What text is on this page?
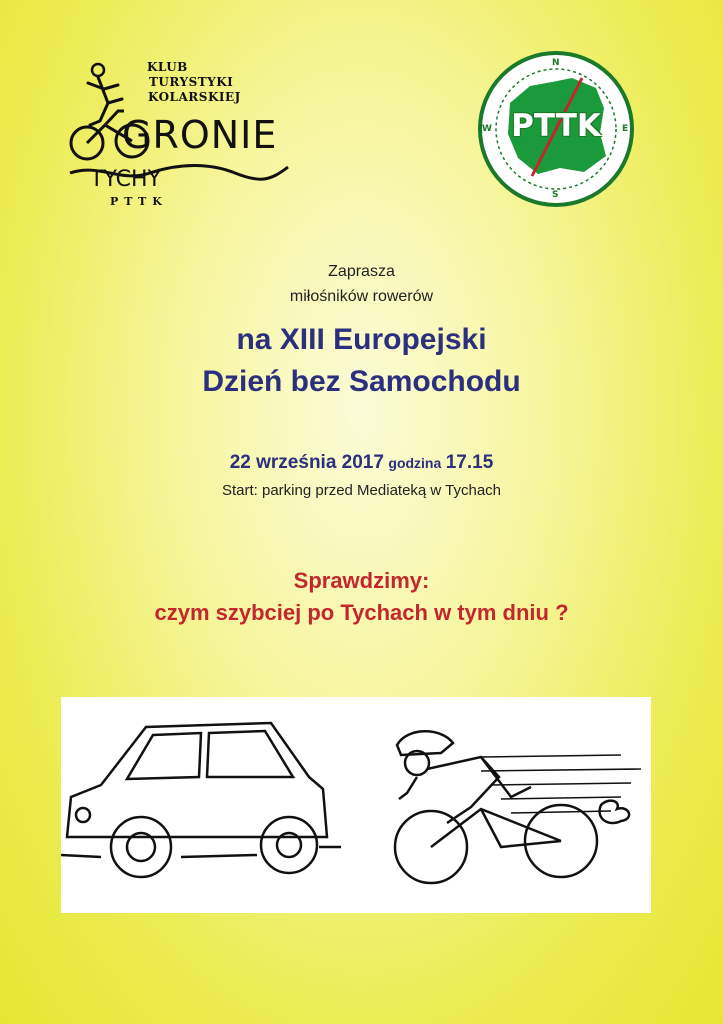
KLUB
TURYSTYKI
KOLARSKIEJ
GRONIE
TYCHY
PTTK
PTTK
N
S
E
W
Zaprasza
miłośników rowerów
na XIII Europejski
Dzień bez Samochodu
22 września 2017 godzina 17.15
Start: parking przed Mediateką w Tychach
Sprawdzimy:
czym szybciej po Tychach w tym dniu ?
